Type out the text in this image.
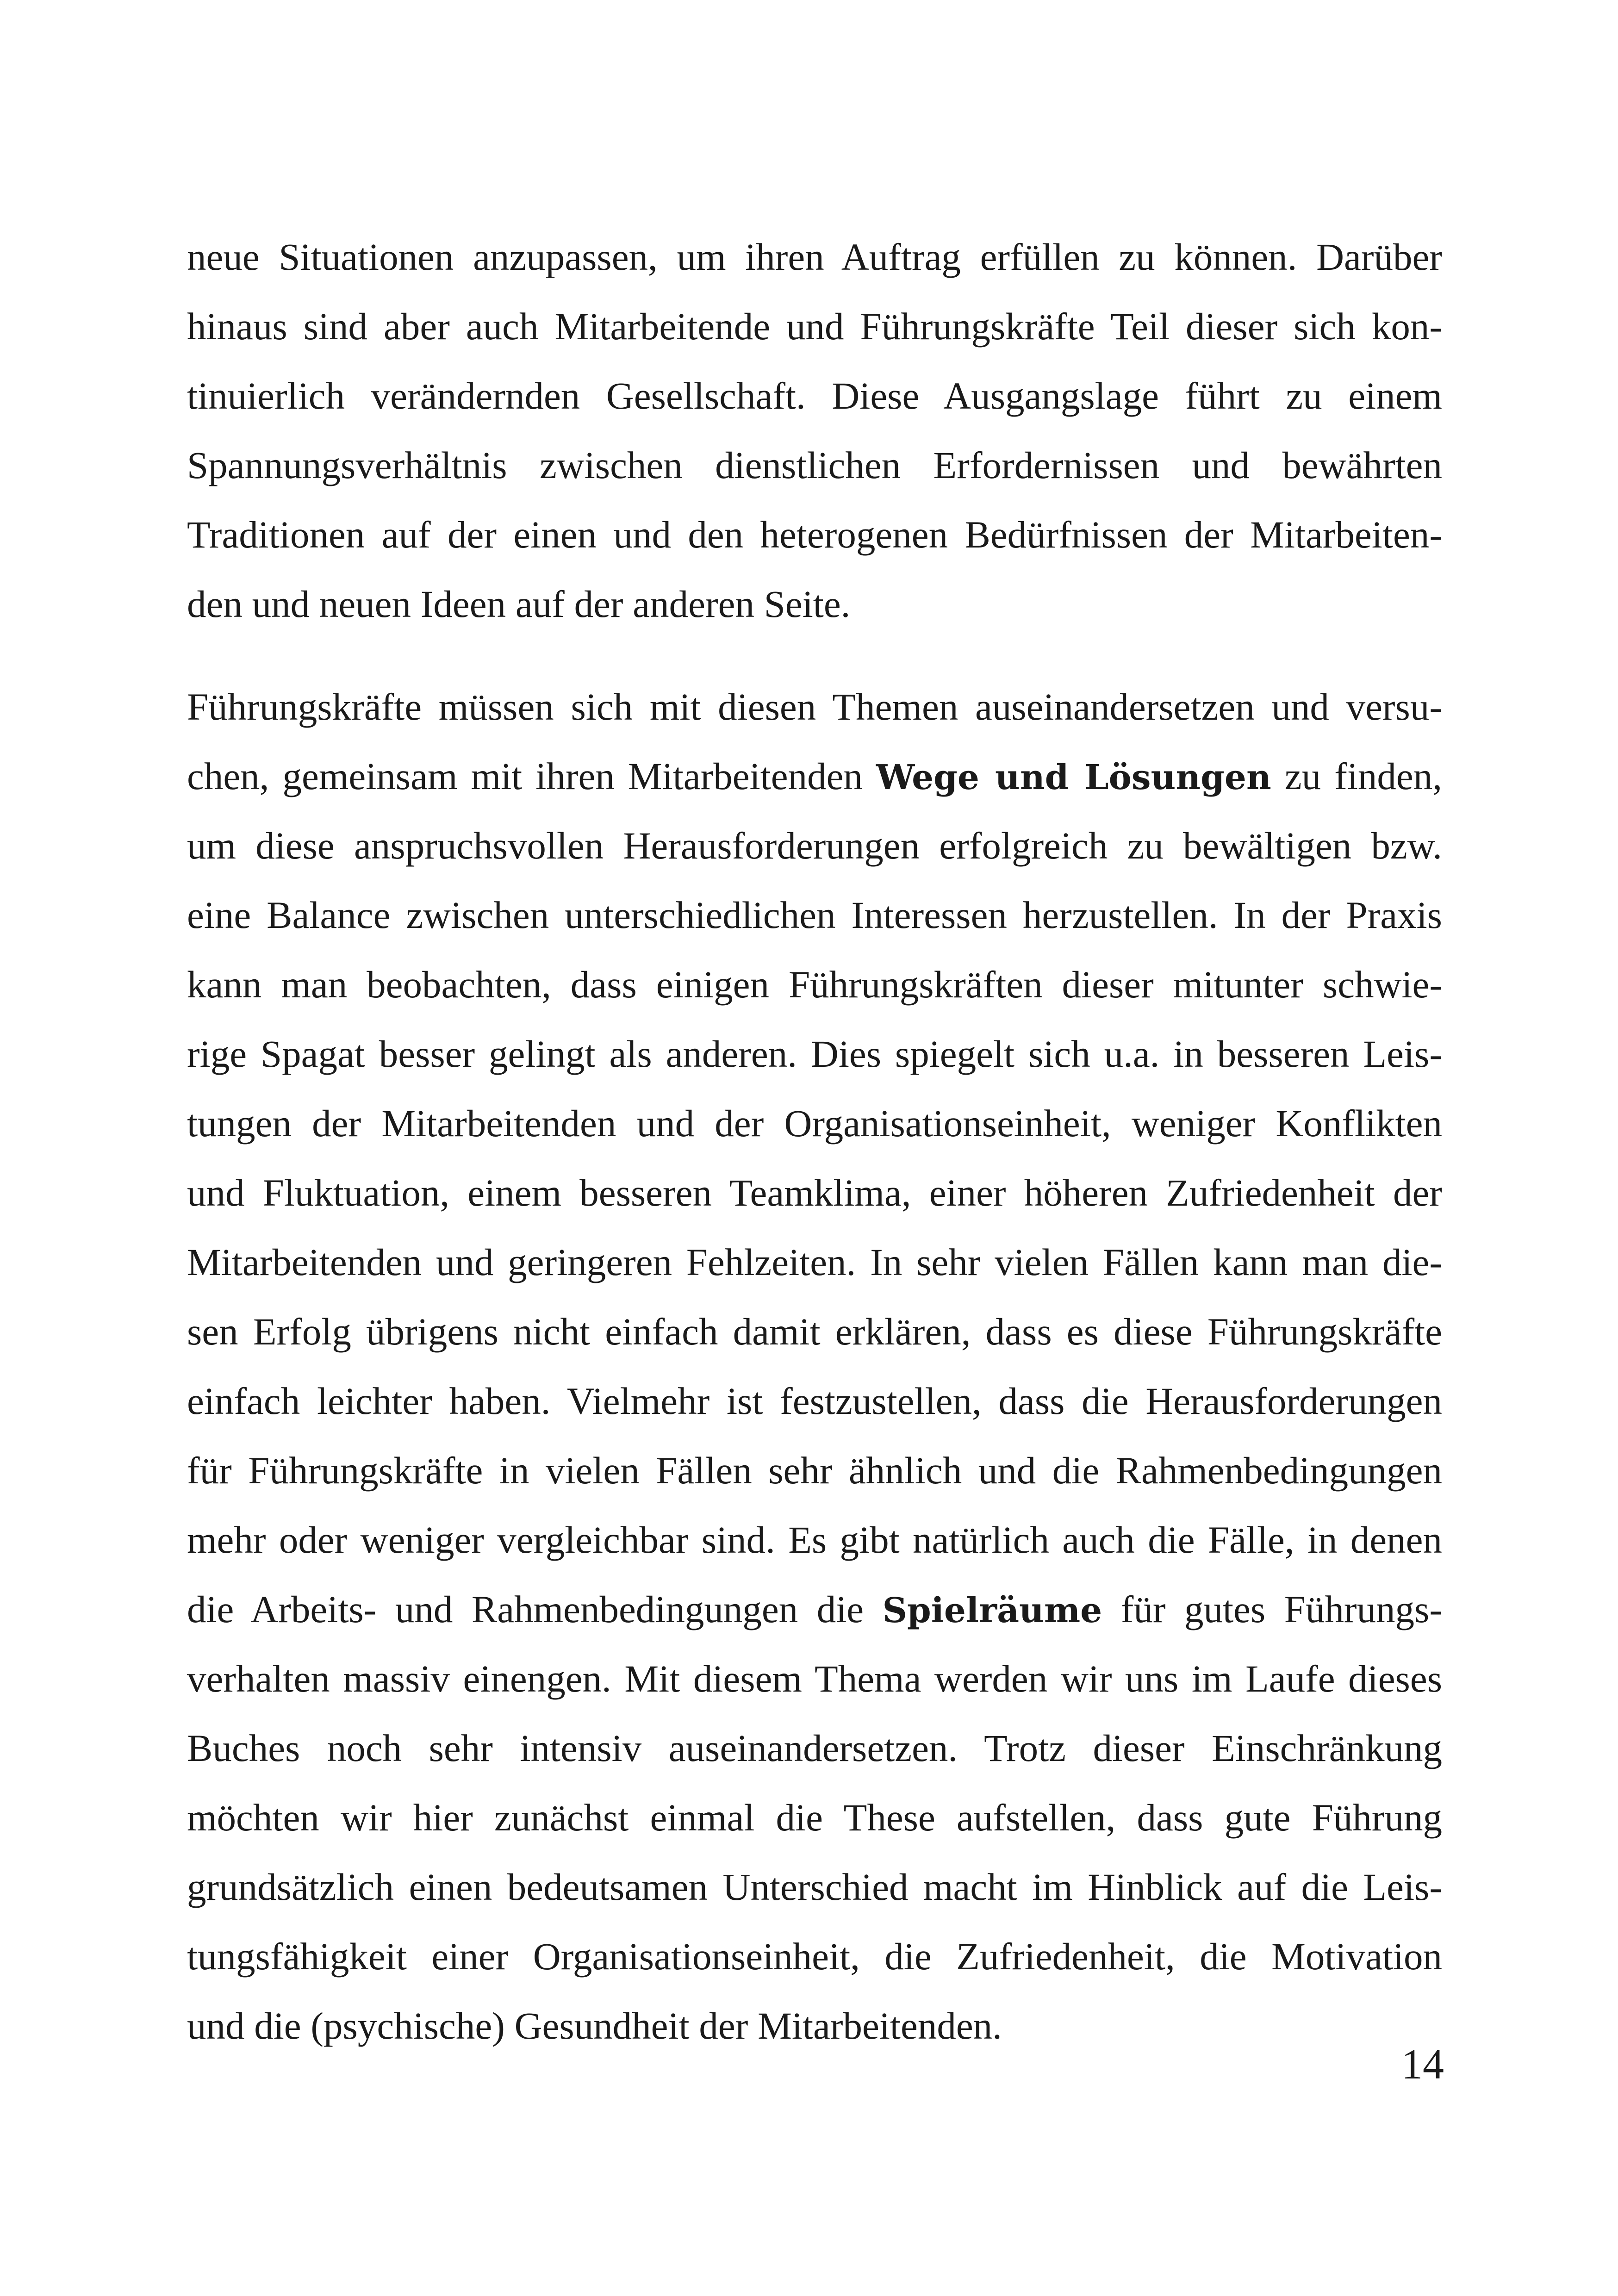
neue Situationen anzupassen, um ihren Auftrag erfüllen zu können. Darüber
hinaus sind aber auch Mitarbeitende und Führungskräfte Teil dieser sich kon-
tinuierlich verändernden Gesellschaft. Diese Ausgangslage führt zu einem
Spannungsverhältnis zwischen dienstlichen Erfordernissen und bewährten
Traditionen auf der einen und den heterogenen Bedürfnissen der Mitarbeiten-
den und neuen Ideen auf der anderen Seite.
Führungskräfte müssen sich mit diesen Themen auseinandersetzen und versu-
chen, gemeinsam mit ihren Mitarbeitenden Wege und Lösungen zu finden,
um diese anspruchsvollen Herausforderungen erfolgreich zu bewältigen bzw.
eine Balance zwischen unterschiedlichen Interessen herzustellen. In der Praxis
kann man beobachten, dass einigen Führungskräften dieser mitunter schwie-
rige Spagat besser gelingt als anderen. Dies spiegelt sich u.a. in besseren Leis-
tungen der Mitarbeitenden und der Organisationseinheit, weniger Konflikten
und Fluktuation, einem besseren Teamklima, einer höheren Zufriedenheit der
Mitarbeitenden und geringeren Fehlzeiten. In sehr vielen Fällen kann man die-
sen Erfolg übrigens nicht einfach damit erklären, dass es diese Führungskräfte
einfach leichter haben. Vielmehr ist festzustellen, dass die Herausforderungen
für Führungskräfte in vielen Fällen sehr ähnlich und die Rahmenbedingungen
mehr oder weniger vergleichbar sind. Es gibt natürlich auch die Fälle, in denen
die Arbeits- und Rahmenbedingungen die Spielräume für gutes Führungs-
verhalten massiv einengen. Mit diesem Thema werden wir uns im Laufe dieses
Buches noch sehr intensiv auseinandersetzen. Trotz dieser Einschränkung
möchten wir hier zunächst einmal die These aufstellen, dass gute Führung
grundsätzlich einen bedeutsamen Unterschied macht im Hinblick auf die Leis-
tungsfähigkeit einer Organisationseinheit, die Zufriedenheit, die Motivation
und die (psychische) Gesundheit der Mitarbeitenden.
14
